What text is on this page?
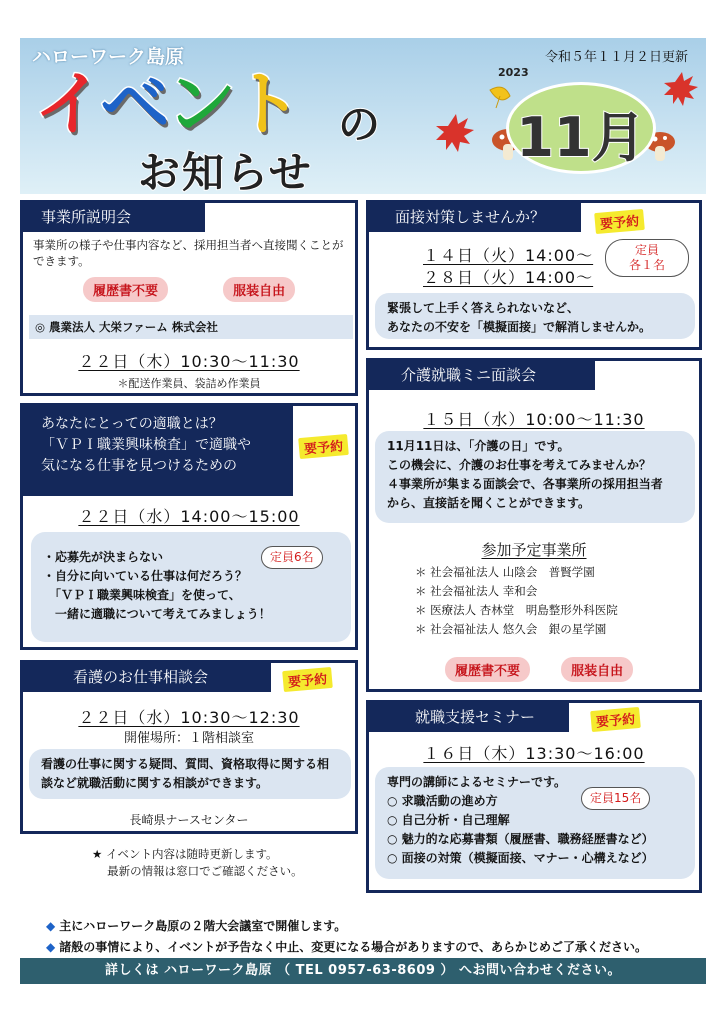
ハローワーク島原	令和５年１１月２日更新
2023
イ ベ ン ト の
お知らせ
11月
事業所説明会
事業所の様子や仕事内容など、採用担当者へ直接聞くことができます。
履歴書不要	服装自由
◎ 農業法人 大栄ファーム 株式会社
２２日（木）10:30～11:30
＊配送作業員、袋詰め作業員
あなたにとっての適職とは？
「ＶＰＩ職業興味検査」で適職や
気になる仕事を見つけるための
要予約
２２日（水）14:00～15:00
・応募先が決まらない
・自分に向いている仕事は何だろう？
　「ＶＰＩ職業興味検査」を使って、
　一緒に適職について考えてみましょう！
定員6名
看護のお仕事相談会	要予約
２２日（水）10:30～12:30
開催場所：１階相談室
看護の仕事に関する疑問、質問、資格取得に関する相談など就職活動に関する相談ができます。
長崎県ナースセンター
★ イベント内容は随時更新します。
　 最新の情報は窓口でご確認ください。
面接対策しませんか？	要予約
１４日（火）14:00～
２８日（火）14:00～
定員
各１名
緊張して上手く答えられないなど、
あなたの不安を「模擬面接」で解消しませんか。
介護就職ミニ面談会
１５日（水）10:00～11:30
11月11日は、「介護の日」です。
この機会に、介護のお仕事を考えてみませんか？
４事業所が集まる面談会で、各事業所の採用担当者
から、直接話を聞くことができます。
参加予定事業所
＊ 社会福祉法人 山陰会　普賢学園
＊ 社会福祉法人 幸和会
＊ 医療法人 杏林堂　明島整形外科医院
＊ 社会福祉法人 悠久会　銀の星学園
履歴書不要	服装自由
就職支援セミナー	要予約
１６日（木）13:30～16:00
専門の講師によるセミナーです。
○ 求職活動の進め方
○ 自己分析・自己理解
○ 魅力的な応募書類（履歴書、職務経歴書など）
○ 面接の対策（模擬面接、マナー・心構えなど）
定員15名
◆ 主にハローワーク島原の２階大会議室で開催します。
◆ 諸般の事情により、イベントが予告なく中止、変更になる場合がありますので、あらかじめご了承ください。
詳しくは ハローワーク島原 （ TEL 0957-63-8609 ） へお問い合わせください。
